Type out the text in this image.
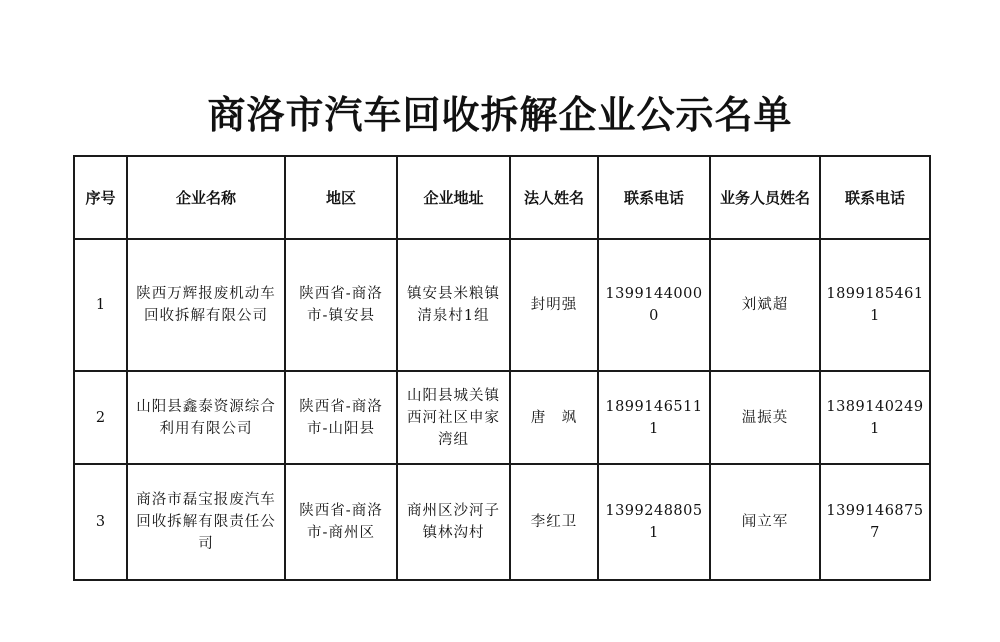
商洛市汽车回收拆解企业公示名单
序号	企业名称	地区	企业地址	法人姓名	联系电话	业务人员姓名	联系电话
1	陕西万辉报废机动车回收拆解有限公司	陕西省-商洛市-镇安县	镇安县米粮镇清泉村1组	封明强	13991440000	刘斌超	18991854611
2	山阳县鑫泰资源综合利用有限公司	陕西省-商洛市-山阳县	山阳县城关镇西河社区申家湾组	唐　飒	18991465111	温振英	13891402491
3	商洛市磊宝报废汽车回收拆解有限责任公司	陕西省-商洛市-商州区	商州区沙河子镇林沟村	李红卫	13992488051	闻立军	13991468757
